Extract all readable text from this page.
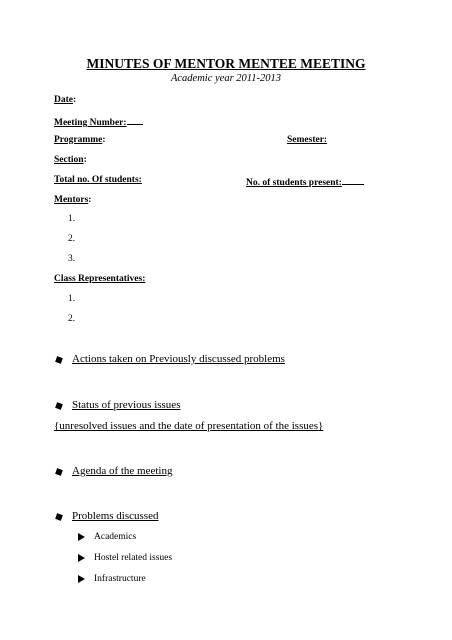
MINUTES OF MENTOR MENTEE MEETING
Academic year 2011-2013
Date:
Meeting Number:
Programme:	Semester:
Section:
Total no. Of students:	No. of students present:
Mentors:
1.
2.
3.
Class Representatives:
1.
2.
Actions taken on Previously discussed problems
Status of previous issues
{unresolved issues and the date of presentation of the issues}
Agenda of the meeting
Problems discussed
Academics
Hostel related issues
Infrastructure
